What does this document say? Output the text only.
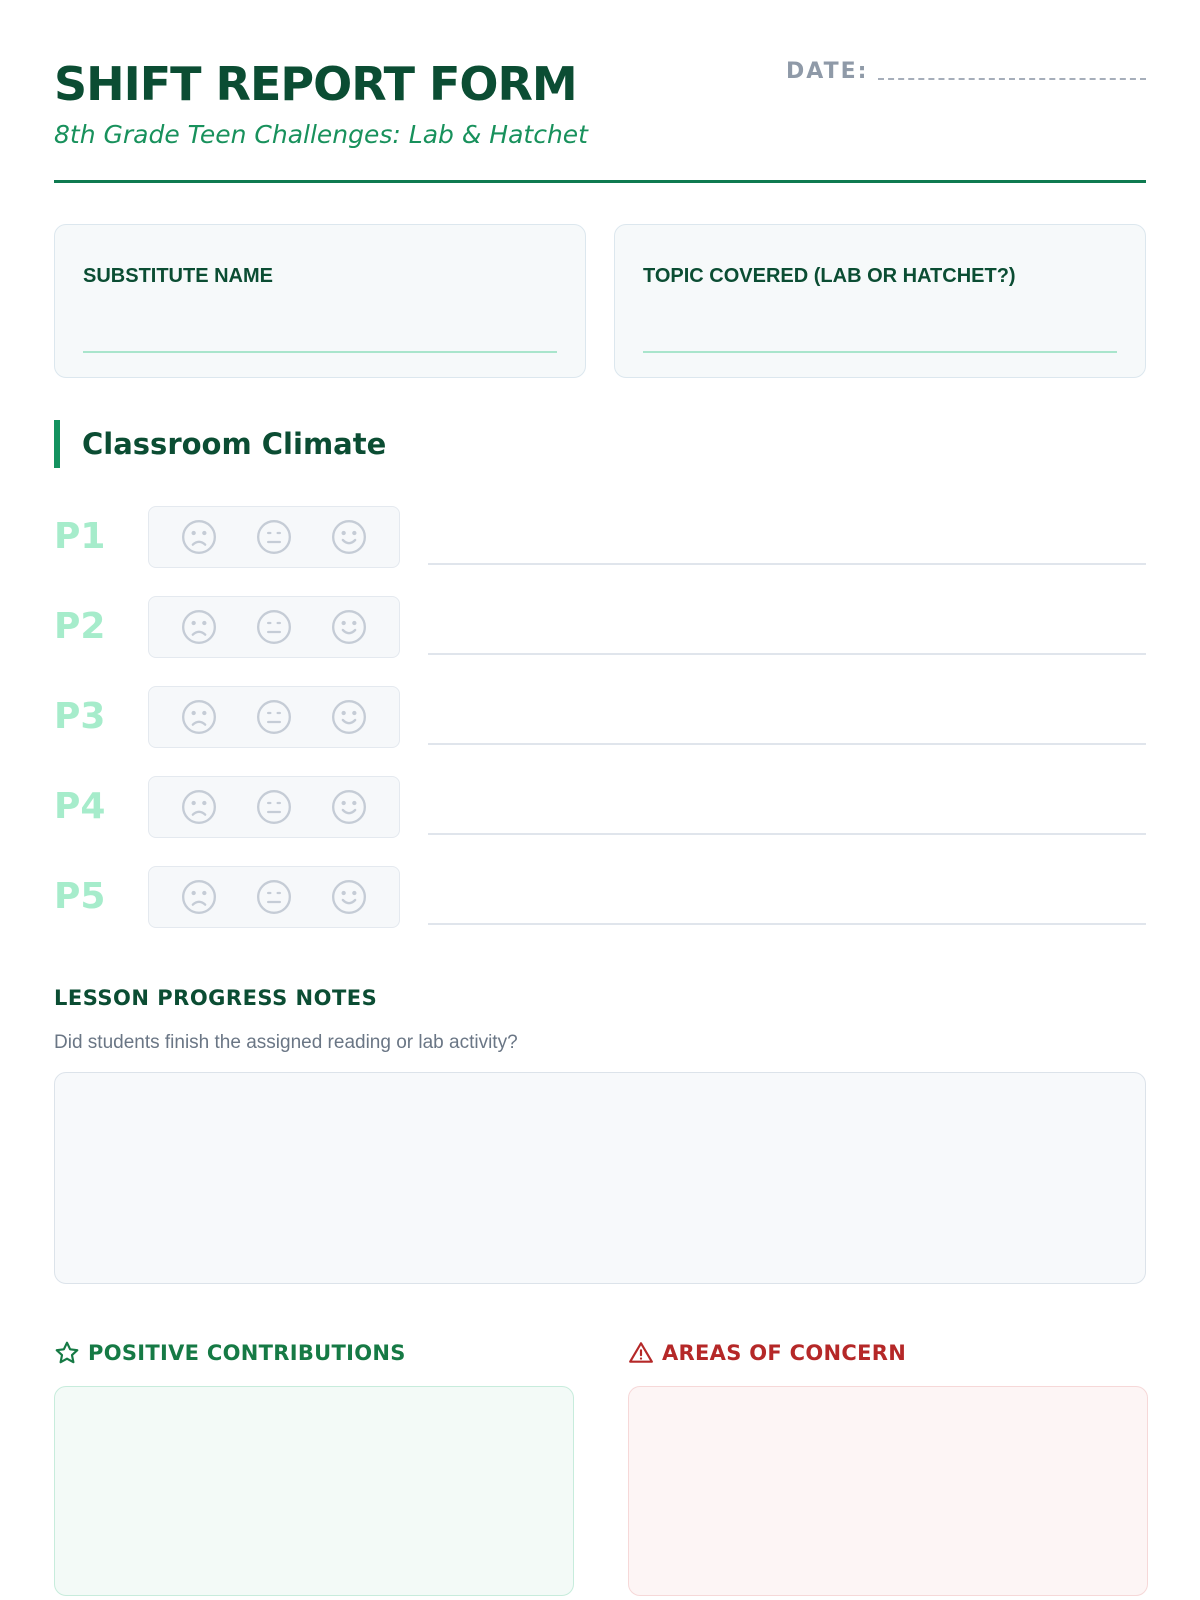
SHIFT REPORT FORM
8th Grade Teen Challenges: Lab & Hatchet
DATE:
SUBSTITUTE NAME	TOPIC COVERED (LAB OR HATCHET?)
Classroom Climate
P1
P2
P3
P4
P5
LESSON PROGRESS NOTES
Did students finish the assigned reading or lab activity?
POSITIVE CONTRIBUTIONS	AREAS OF CONCERN
